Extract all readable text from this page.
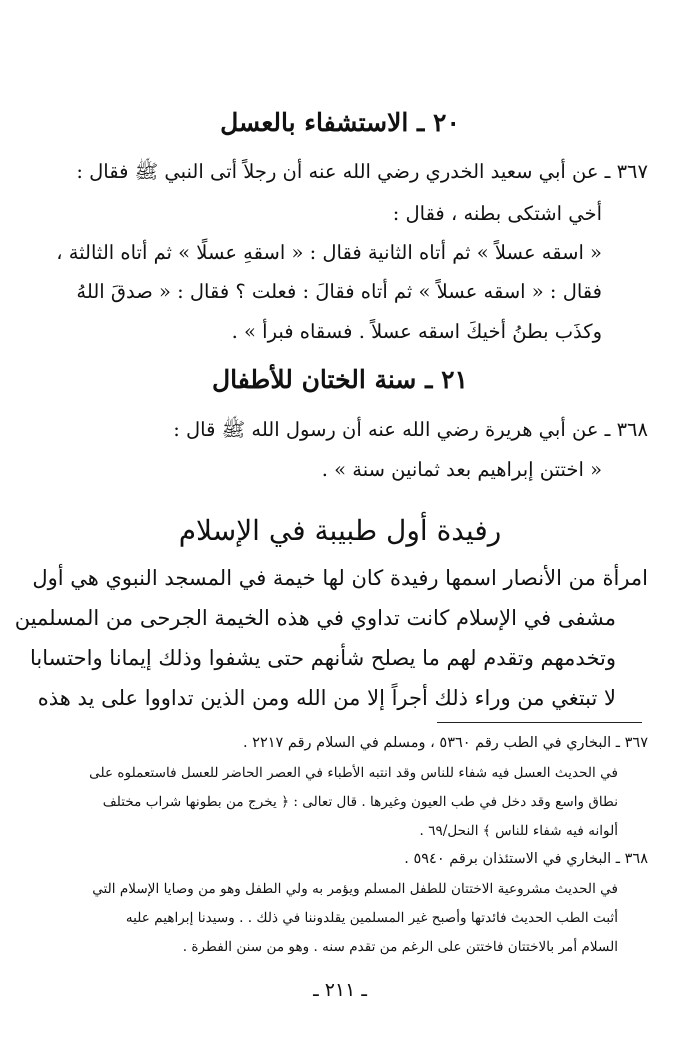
٢٠ ـ الاستشفاء بالعسل
٣٦٧ ـ عن أبي سعيد الخدري رضي الله عنه أن رجلاً أتى النبي ﷺ فقال :
أخي اشتكى بطنه ، فقال :
« اسقه عسلاً » ثم أتاه الثانية فقال : « اسقهِ عسلًا » ثم أتاه الثالثة ،
فقال : « اسقه عسلاً » ثم أتاه فقالَ : فعلت ؟ فقال : « صدقَ اللهُ
وكذَب بطنُ أخيكَ اسقه عسلاً . فسقاه فبرأ » .
٢١ ـ سنة الختان للأطفال
٣٦٨ ـ عن أبي هريرة رضي الله عنه أن رسول الله ﷺ قال :
« اختتن إبراهيم بعد ثمانين سنة » .
رفيدة أول طبيبة في الإسلام
امرأة من الأنصار اسمها رفيدة كان لها خيمة في المسجد النبوي هي أول
مشفى في الإسلام كانت تداوي في هذه الخيمة الجرحى من المسلمين
وتخدمهم وتقدم لهم ما يصلح شأنهم حتى يشفوا وذلك إيمانا واحتسابا
لا تبتغي من وراء ذلك أجراً إلا من الله ومن الذين تداووا على يد هذه
٣٦٧ ـ البخاري في الطب رقم ٥٣٦٠ ، ومسلم في السلام رقم ٢٢١٧ .
في الحديث العسل فيه شفاء للناس وقد انتبه الأطباء في العصر الحاضر للعسل فاستعملوه على
نطاق واسع وقد دخل في طب العيون وغيرها . قال تعالى : ﴿ يخرج من بطونها شراب مختلف
ألوانه فيه شفاء للناس ﴾ النحل/٦٩ .
٣٦٨ ـ البخاري في الاستئذان برقم ٥٩٤٠ .
في الحديث مشروعية الاختتان للطفل المسلم ويؤمر به ولي الطفل وهو من وصايا الإسلام التي
أثبت الطب الحديث فائدتها وأصبح غير المسلمين يقلدوننا في ذلك . . وسيدنا إبراهيم عليه
السلام أمر بالاختتان فاختتن على الرغم من تقدم سنه . وهو من سنن الفطرة .
ـ ٢١١ ـ
